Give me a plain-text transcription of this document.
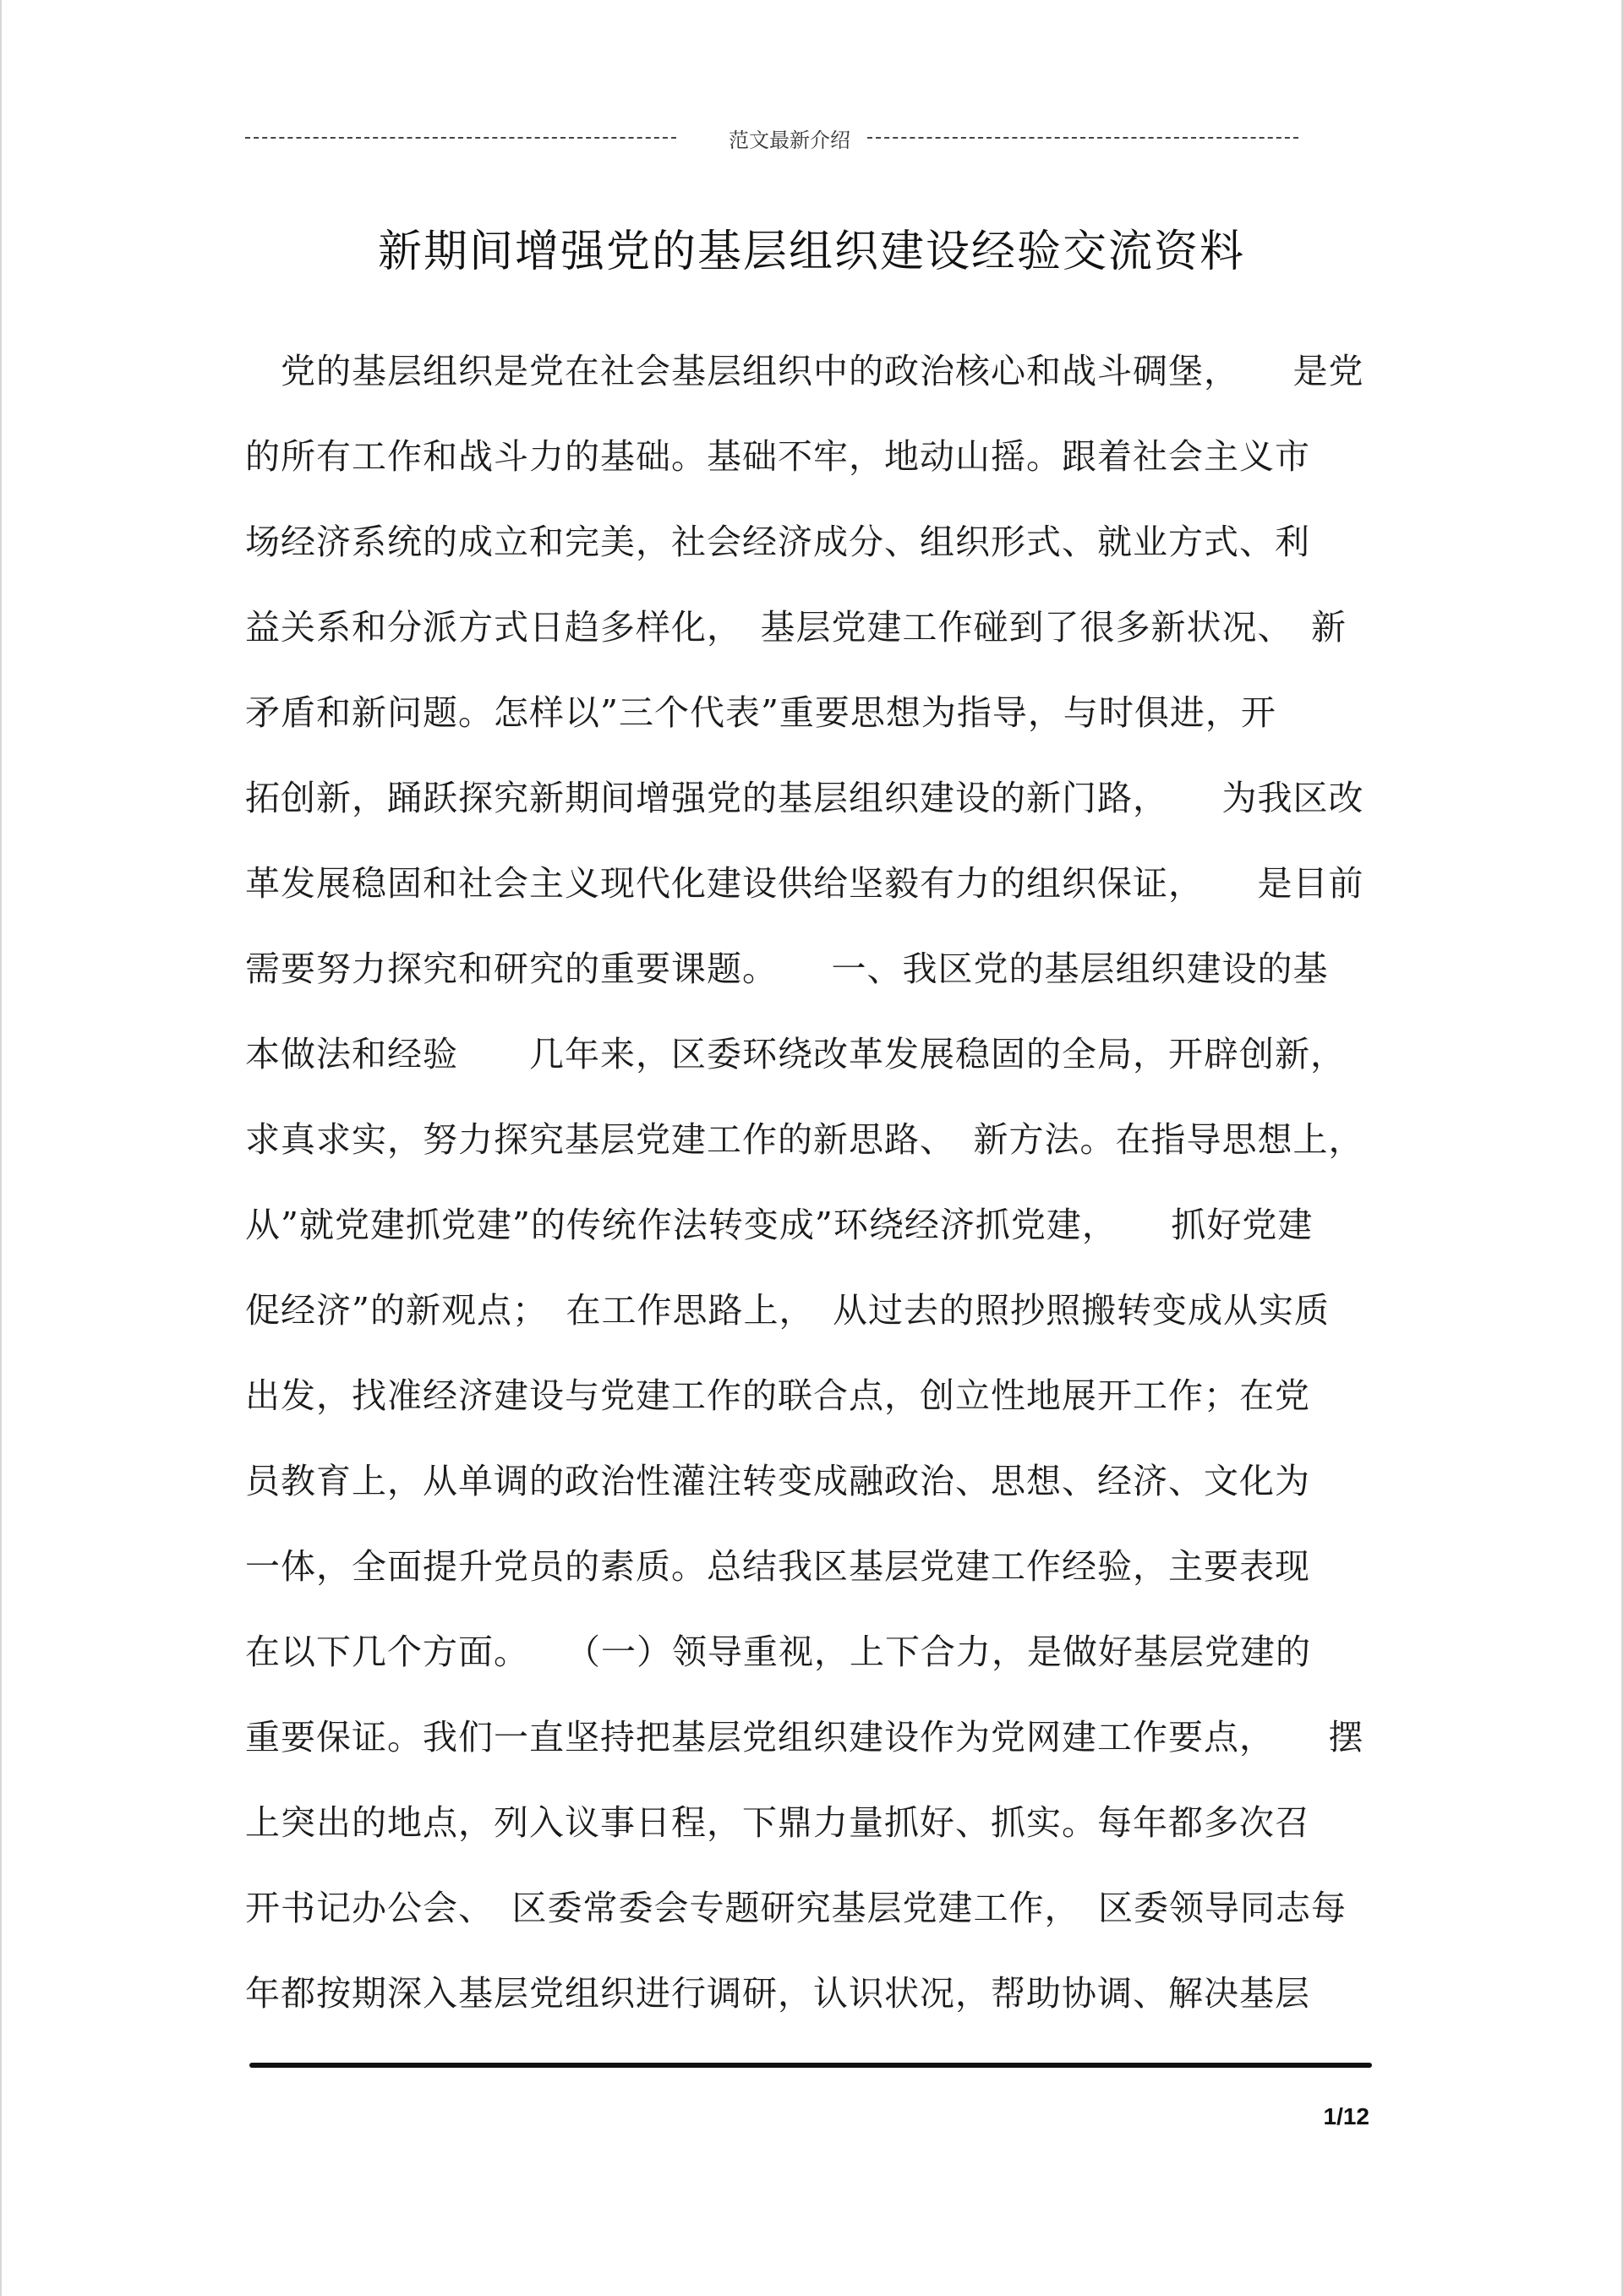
范文最新介绍
新期间增强党的基层组织建设经验交流资料
　党的基层组织是党在社会基层组织中的政治核心和战斗碉堡，　　是党
的所有工作和战斗力的基础。基础不牢，地动山摇。跟着社会主义市
场经济系统的成立和完美，社会经济成分、组织形式、就业方式、利
益关系和分派方式日趋多样化，　基层党建工作碰到了很多新状况、　新
矛盾和新问题。怎样以”三个代表”重要思想为指导，与时俱进，开
拓创新，踊跃探究新期间增强党的基层组织建设的新门路，　　为我区改
革发展稳固和社会主义现代化建设供给坚毅有力的组织保证，　　是目前
需要努力探究和研究的重要课题。　　一、我区党的基层组织建设的基
本做法和经验　　几年来，区委环绕改革发展稳固的全局，开辟创新，
求真求实，努力探究基层党建工作的新思路、　新方法。在指导思想上，
从”就党建抓党建”的传统作法转变成”环绕经济抓党建，　　抓好党建
促经济”的新观点；　在工作思路上，　从过去的照抄照搬转变成从实质
出发，找准经济建设与党建工作的联合点，创立性地展开工作；在党
员教育上，从单调的政治性灌注转变成融政治、思想、经济、文化为
一体，全面提升党员的素质。总结我区基层党建工作经验，主要表现
在以下几个方面。　　（一）领导重视，上下合力，是做好基层党建的
重要保证。我们一直坚持把基层党组织建设作为党网建工作要点，　　摆
上突出的地点，列入议事日程，下鼎力量抓好、抓实。每年都多次召
开书记办公会、　区委常委会专题研究基层党建工作，　区委领导同志每
年都按期深入基层党组织进行调研，认识状况，帮助协调、解决基层
1/12
